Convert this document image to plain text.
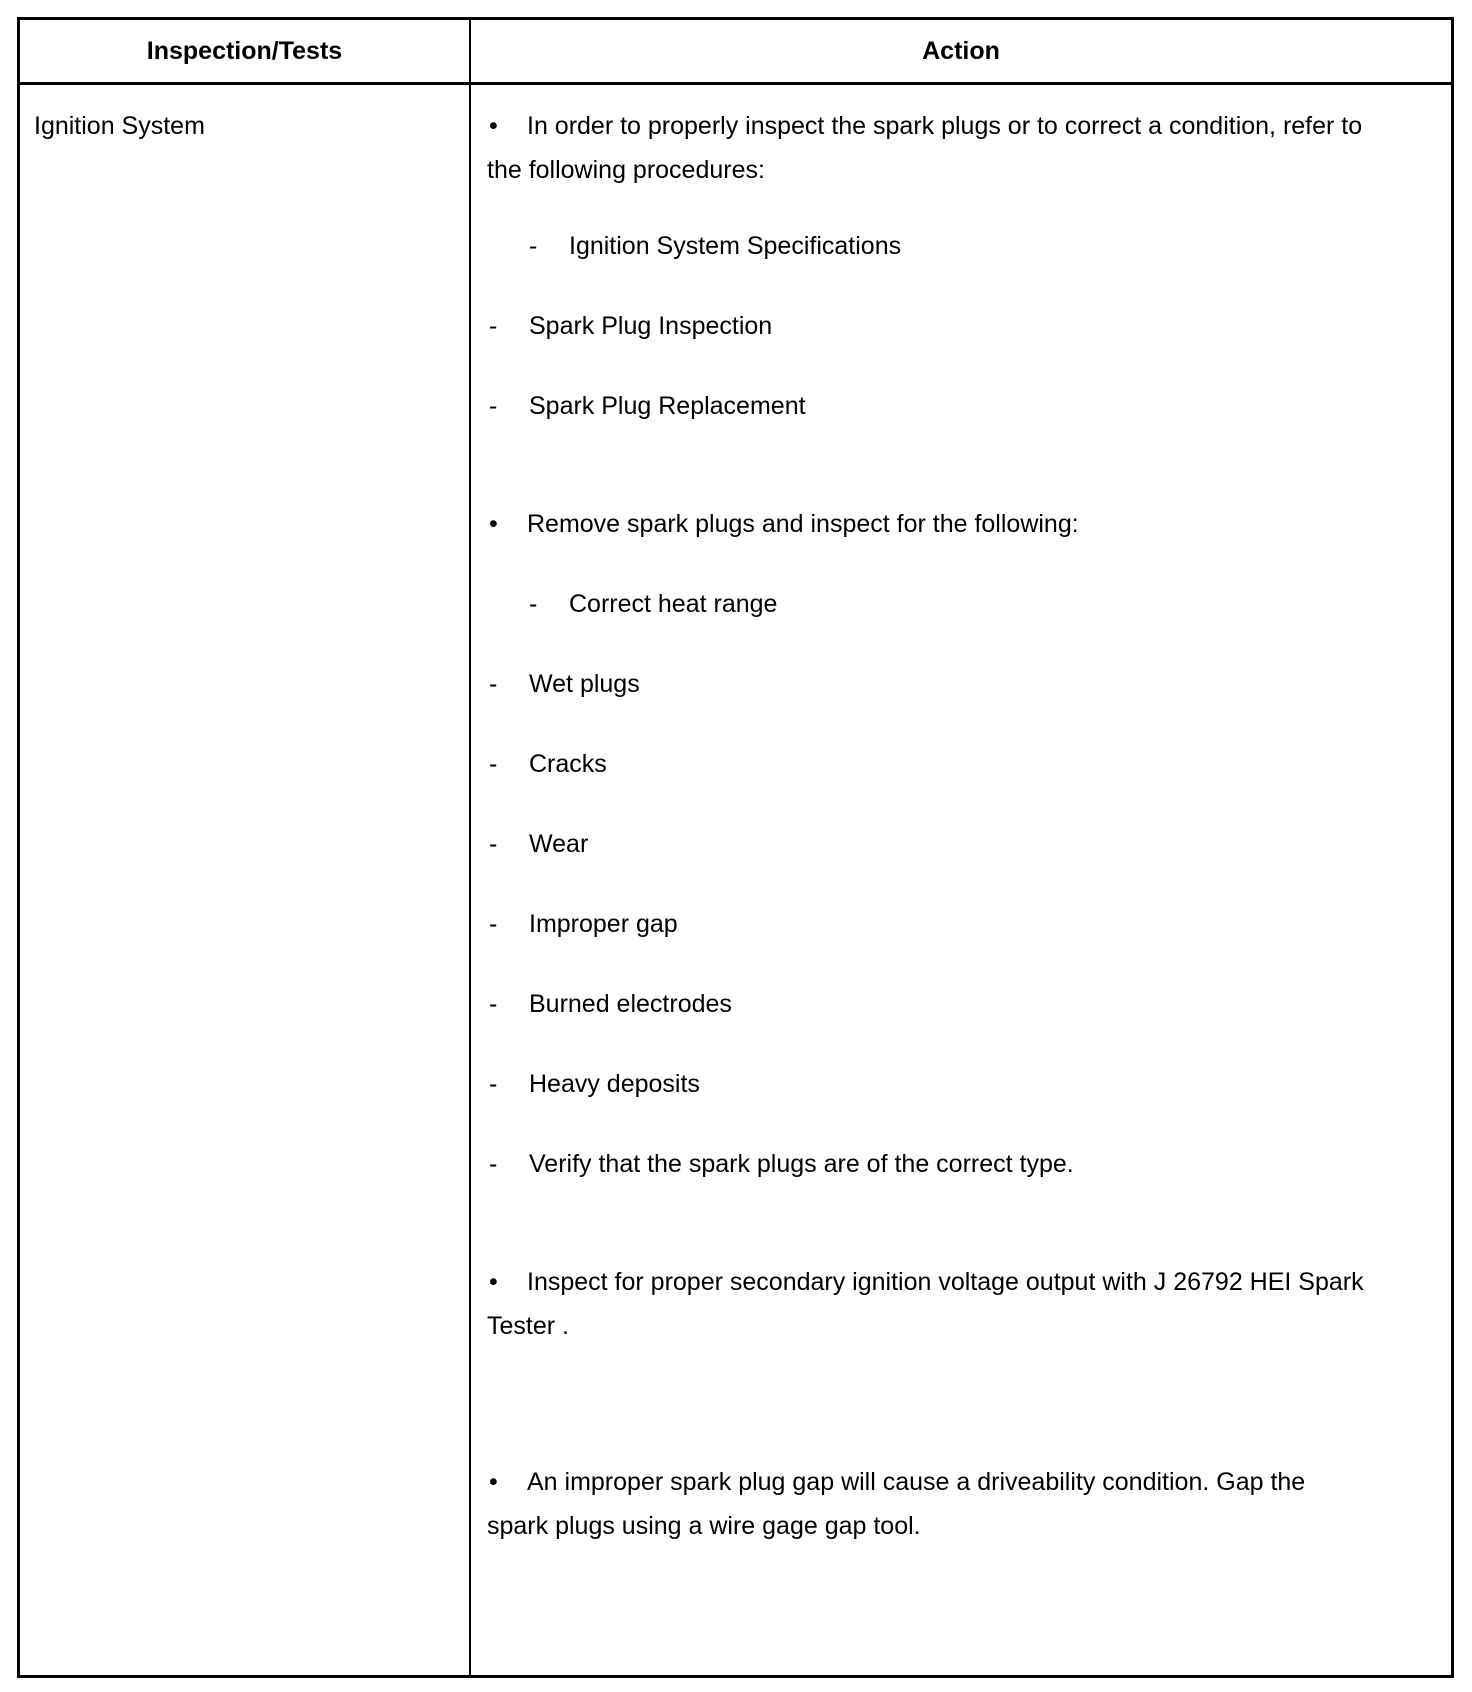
Inspection/Tests	Action
Ignition System	• In order to properly inspect the spark plugs or to correct a condition, refer to the following procedures:
- Ignition System Specifications
- Spark Plug Inspection
- Spark Plug Replacement
• Remove spark plugs and inspect for the following:
- Correct heat range
- Wet plugs
- Cracks
- Wear
- Improper gap
- Burned electrodes
- Heavy deposits
- Verify that the spark plugs are of the correct type.
• Inspect for proper secondary ignition voltage output with J 26792 HEI Spark Tester .
• An improper spark plug gap will cause a driveability condition. Gap the spark plugs using a wire gage gap tool.
